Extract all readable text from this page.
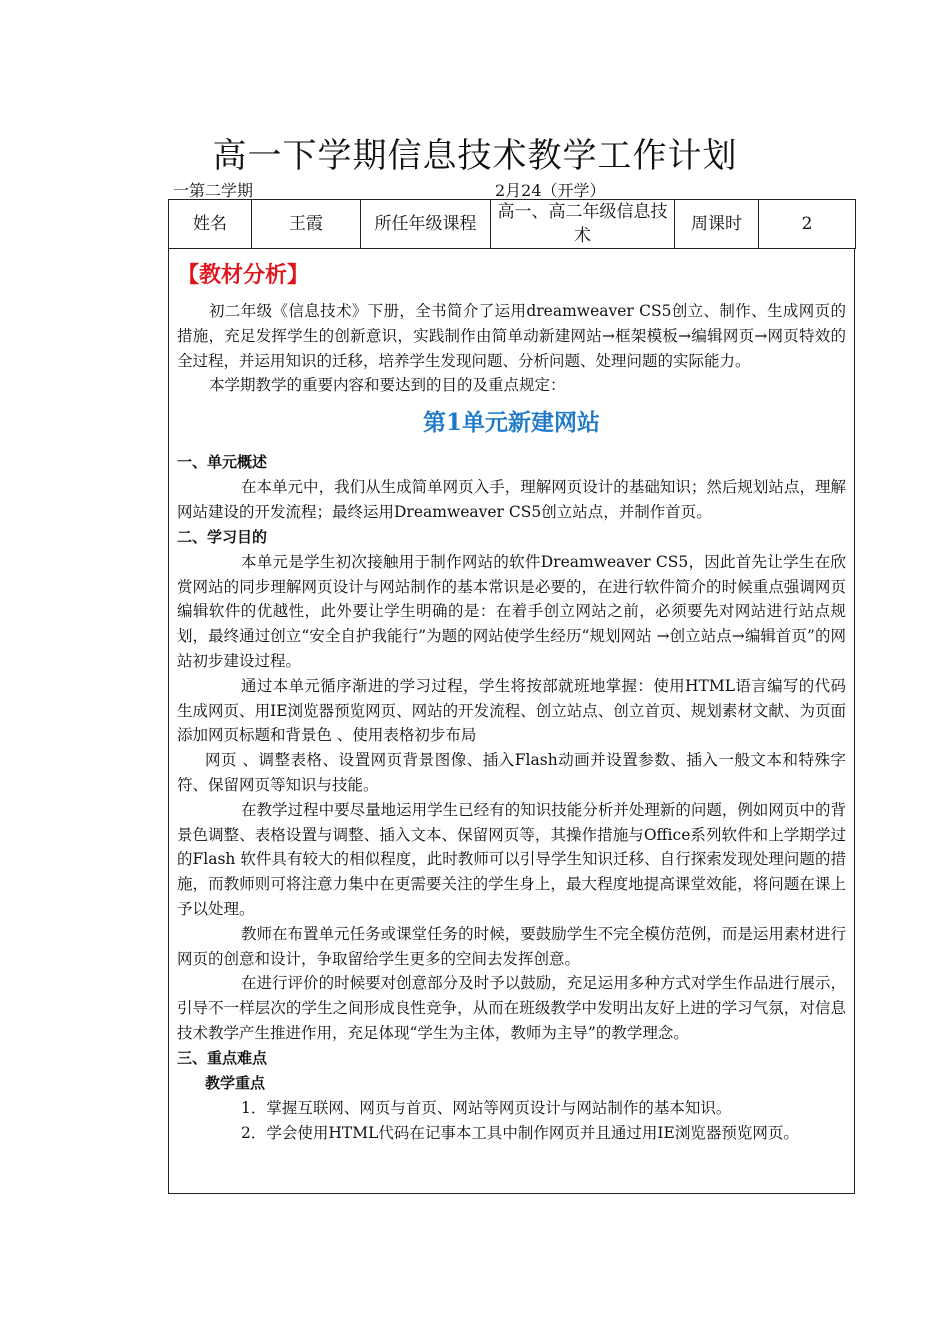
高一下学期信息技术教学工作计划
一第二学期	2月24（开学）
姓名	王霞	所任年级课程	高一、高二年级信息技术	周课时	2
【教材分析】

初二年级《信息技术》下册，全书简介了运用dreamweaver CS5创立、制作、生成网页的措施，充足发挥学生的创新意识，实践制作由简单动新建网站→框架模板→编辑网页→网页特效的全过程，并运用知识的迁移，培养学生发现问题、分析问题、处理问题的实际能力。

本学期教学的重要内容和要达到的目的及重点规定：

第1单元新建网站
一、单元概述

在本单元中，我们从生成简单网页入手，理解网页设计的基础知识；然后规划站点，理解网站建设的开发流程；最终运用Dreamweaver CS5创立站点，并制作首页。

二、学习目的

本单元是学生初次接触用于制作网站的软件Dreamweaver CS5，因此首先让学生在欣赏网站的同步理解网页设计与网站制作的基本常识是必要的，在进行软件简介的时候重点强调网页编辑软件的优越性，此外要让学生明确的是：在着手创立网站之前，必须要先对网站进行站点规划，最终通过创立“安全自护我能行”为题的网站使学生经历“规划网站 →创立站点→编辑首页”的网站初步建设过程。

通过本单元循序渐进的学习过程，学生将按部就班地掌握：使用HTML语言编写的代码生成网页、用IE浏览器预览网页、网站的开发流程、创立站点、创立首页、规划素材文献、为页面添加网页标题和背景色 、使用表格初步布局

网页 、调整表格、设置网页背景图像、插入Flash动画并设置参数、插入一般文本和特殊字符、保留网页等知识与技能。

在教学过程中要尽量地运用学生已经有的知识技能分析并处理新的问题，例如网页中的背景色调整、表格设置与调整、插入文本、保留网页等，其操作措施与Office系列软件和上学期学过的Flash 软件具有较大的相似程度，此时教师可以引导学生知识迁移、自行探索发现处理问题的措施，而教师则可将注意力集中在更需要关注的学生身上，最大程度地提高课堂效能，将问题在课上予以处理。

教师在布置单元任务或课堂任务的时候，要鼓励学生不完全模仿范例，而是运用素材进行网页的创意和设计，争取留给学生更多的空间去发挥创意。

在进行评价的时候要对创意部分及时予以鼓励，充足运用多种方式对学生作品进行展示，引导不一样层次的学生之间形成良性竞争，从而在班级教学中发明出友好上进的学习气氛，对信息技术教学产生推进作用，充足体现“学生为主体，教师为主导”的教学理念。

三、重点难点
教学重点

1．掌握互联网、网页与首页、网站等网页设计与网站制作的基本知识。

2．学会使用HTML代码在记事本工具中制作网页并且通过用IE浏览器预览网页。
